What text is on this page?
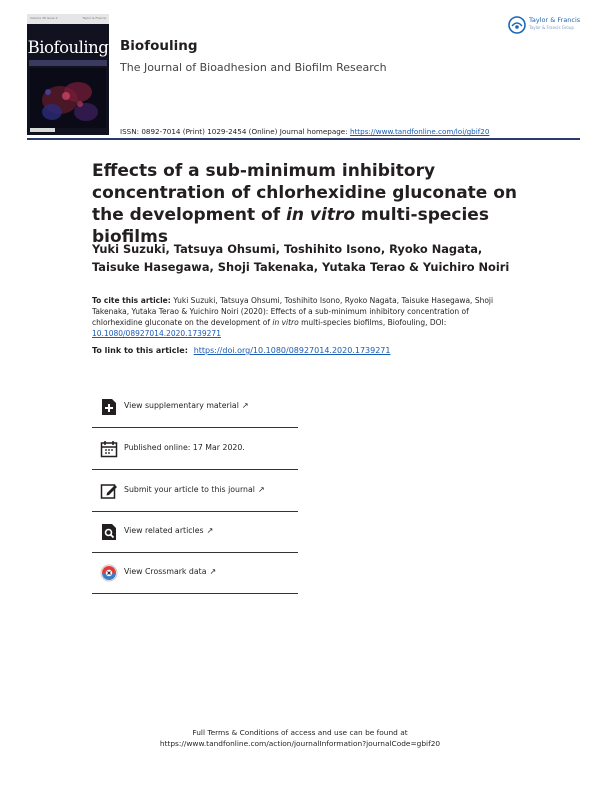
Volume 36 Issue 2	Taylor & Francis
Biofouling Biofouling
The Journal of Bioadhesion and Biofilm Research
ISSN: 0892-7014 (Print) 1029-2454 (Online) Journal homepage: https://www.tandfonline.com/loi/gbif20
Taylor & Francis
Taylor & Francis Group
Effects of a sub-minimum inhibitory concentration of chlorhexidine gluconate on the development of in vitro multi-species biofilms
Yuki Suzuki, Tatsuya Ohsumi, Toshihito Isono, Ryoko Nagata, Taisuke Hasegawa, Shoji Takenaka, Yutaka Terao & Yuichiro Noiri
To cite this article: Yuki Suzuki, Tatsuya Ohsumi, Toshihito Isono, Ryoko Nagata, Taisuke Hasegawa, Shoji Takenaka, Yutaka Terao & Yuichiro Noiri (2020): Effects of a sub-minimum inhibitory concentration of chlorhexidine gluconate on the development of in vitro multi-species biofilms, Biofouling, DOI: 10.1080/08927014.2020.1739271
To link to this article: https://doi.org/10.1080/08927014.2020.1739271
View supplementary material ↗
Published online: 17 Mar 2020.
Submit your article to this journal ↗
View related articles ↗
View Crossmark data ↗
Full Terms & Conditions of access and use can be found at
https://www.tandfonline.com/action/journalInformation?journalCode=gbif20
